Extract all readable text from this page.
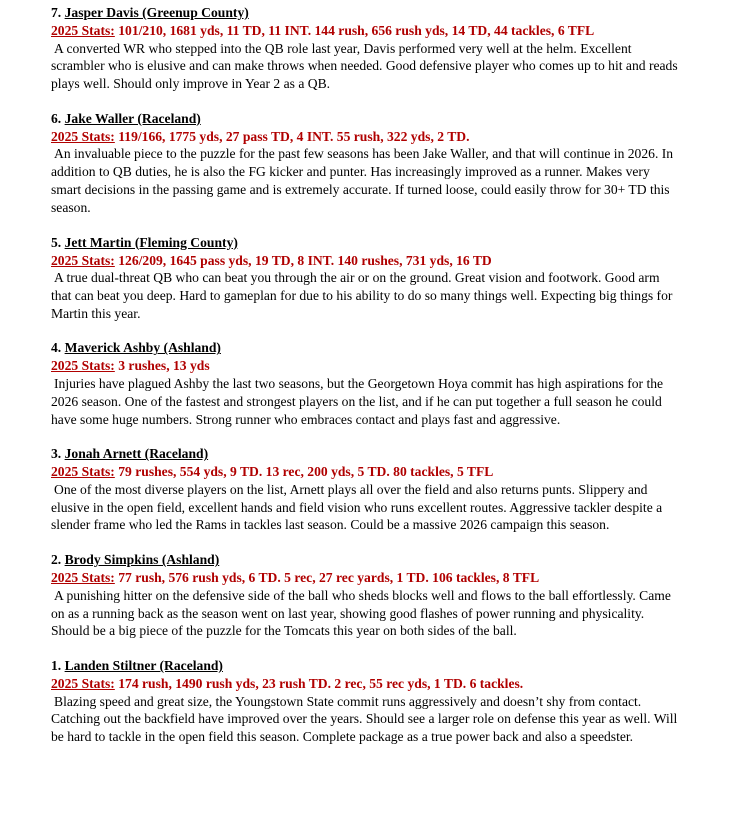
7. Jasper Davis (Greenup County)
2025 Stats: 101/210, 1681 yds, 11 TD, 11 INT. 144 rush, 656 rush yds, 14 TD, 44 tackles, 6 TFL
A converted WR who stepped into the QB role last year, Davis performed very well at the helm. Excellent scrambler who is elusive and can make throws when needed. Good defensive player who comes up to hit and reads plays well. Should only improve in Year 2 as a QB.
6. Jake Waller (Raceland)
2025 Stats: 119/166, 1775 yds, 27 pass TD, 4 INT. 55 rush, 322 yds, 2 TD.
An invaluable piece to the puzzle for the past few seasons has been Jake Waller, and that will continue in 2026. In addition to QB duties, he is also the FG kicker and punter. Has increasingly improved as a runner. Makes very smart decisions in the passing game and is extremely accurate. If turned loose, could easily throw for 30+ TD this season.
5. Jett Martin (Fleming County)
2025 Stats: 126/209, 1645 pass yds, 19 TD, 8 INT. 140 rushes, 731 yds, 16 TD
A true dual-threat QB who can beat you through the air or on the ground. Great vision and footwork. Good arm that can beat you deep. Hard to gameplan for due to his ability to do so many things well. Expecting big things for Martin this year.
4. Maverick Ashby (Ashland)
2025 Stats: 3 rushes, 13 yds
Injuries have plagued Ashby the last two seasons, but the Georgetown Hoya commit has high aspirations for the 2026 season. One of the fastest and strongest players on the list, and if he can put together a full season he could have some huge numbers. Strong runner who embraces contact and plays fast and aggressive.
3. Jonah Arnett (Raceland)
2025 Stats: 79 rushes, 554 yds, 9 TD. 13 rec, 200 yds, 5 TD. 80 tackles, 5 TFL
One of the most diverse players on the list, Arnett plays all over the field and also returns punts. Slippery and elusive in the open field, excellent hands and field vision who runs excellent routes. Aggressive tackler despite a slender frame who led the Rams in tackles last season. Could be a massive 2026 campaign this season.
2. Brody Simpkins (Ashland)
2025 Stats: 77 rush, 576 rush yds, 6 TD. 5 rec, 27 rec yards, 1 TD. 106 tackles, 8 TFL
A punishing hitter on the defensive side of the ball who sheds blocks well and flows to the ball effortlessly. Came on as a running back as the season went on last year, showing good flashes of power running and physicality. Should be a big piece of the puzzle for the Tomcats this year on both sides of the ball.
1. Landen Stiltner (Raceland)
2025 Stats: 174 rush, 1490 rush yds, 23 rush TD. 2 rec, 55 rec yds, 1 TD. 6 tackles.
Blazing speed and great size, the Youngstown State commit runs aggressively and doesn’t shy from contact. Catching out the backfield have improved over the years. Should see a larger role on defense this year as well. Will be hard to tackle in the open field this season. Complete package as a true power back and also a speedster.
